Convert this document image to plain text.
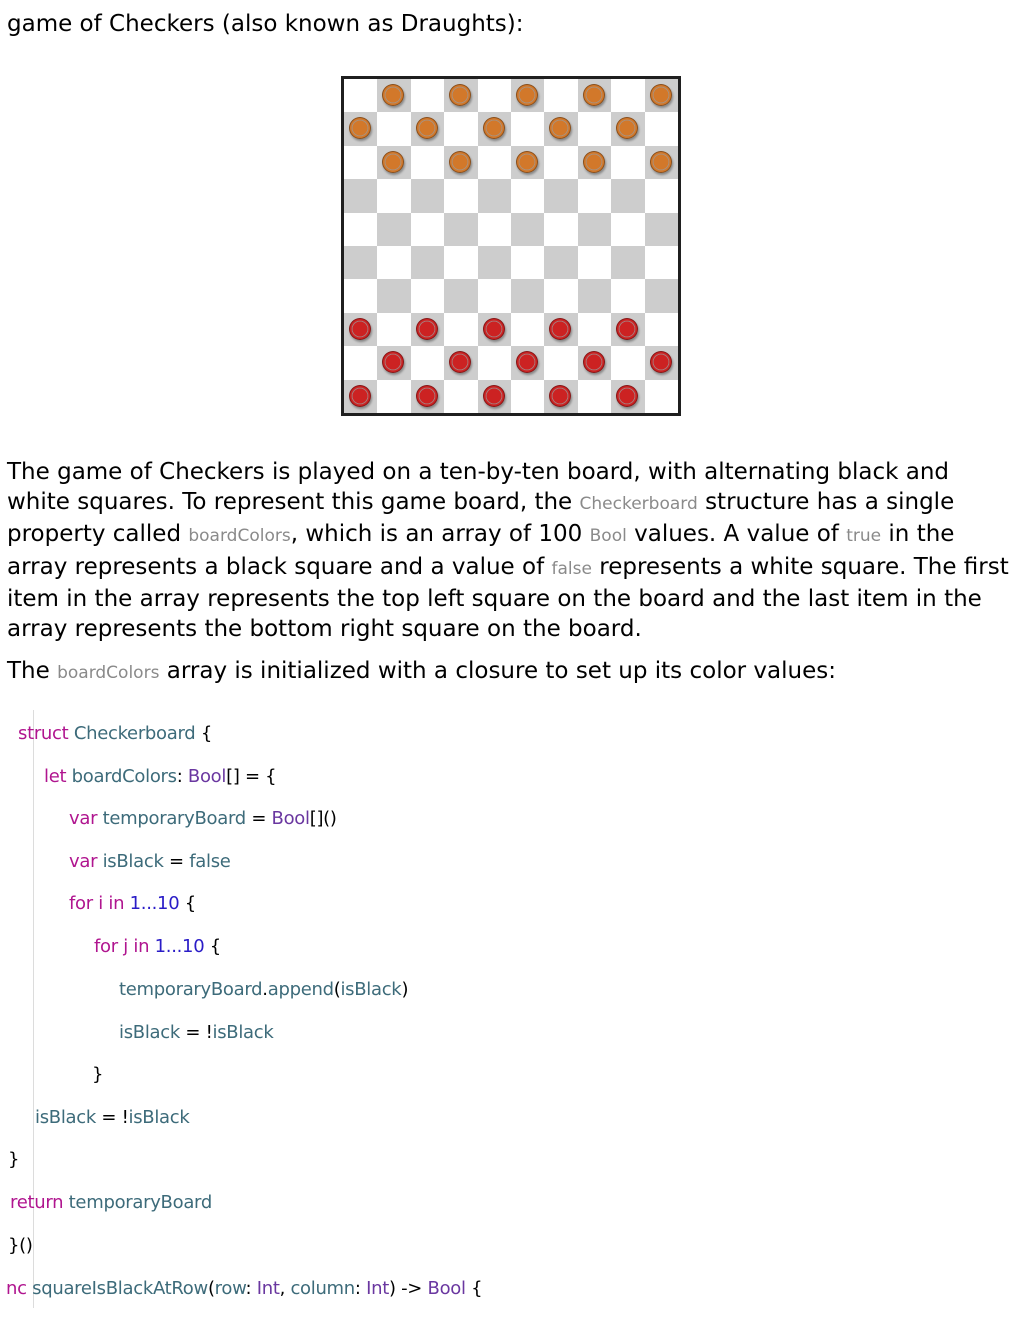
game of Checkers (also known as Draughts):
The game of Checkers is played on a ten-by-ten board, with alternating black and white squares. To represent this game board, the Checkerboard structure has a single property called boardColors, which is an array of 100 Bool values. A value of true in the array represents a black square and a value of false represents a white square. The first item in the array represents the top left square on the board and the last item in the array represents the bottom right square on the board.
The boardColors array is initialized with a closure to set up its color values:
struct Checkerboard {
let boardColors: Bool[] = {
var temporaryBoard = Bool[]()
var isBlack = false
for i in 1...10 {
for j in 1...10 {
temporaryBoard.append(isBlack)
isBlack = !isBlack
}
isBlack = !isBlack
}
return temporaryBoard
}()
nc squareIsBlackAtRow(row: Int, column: Int) -> Bool {
